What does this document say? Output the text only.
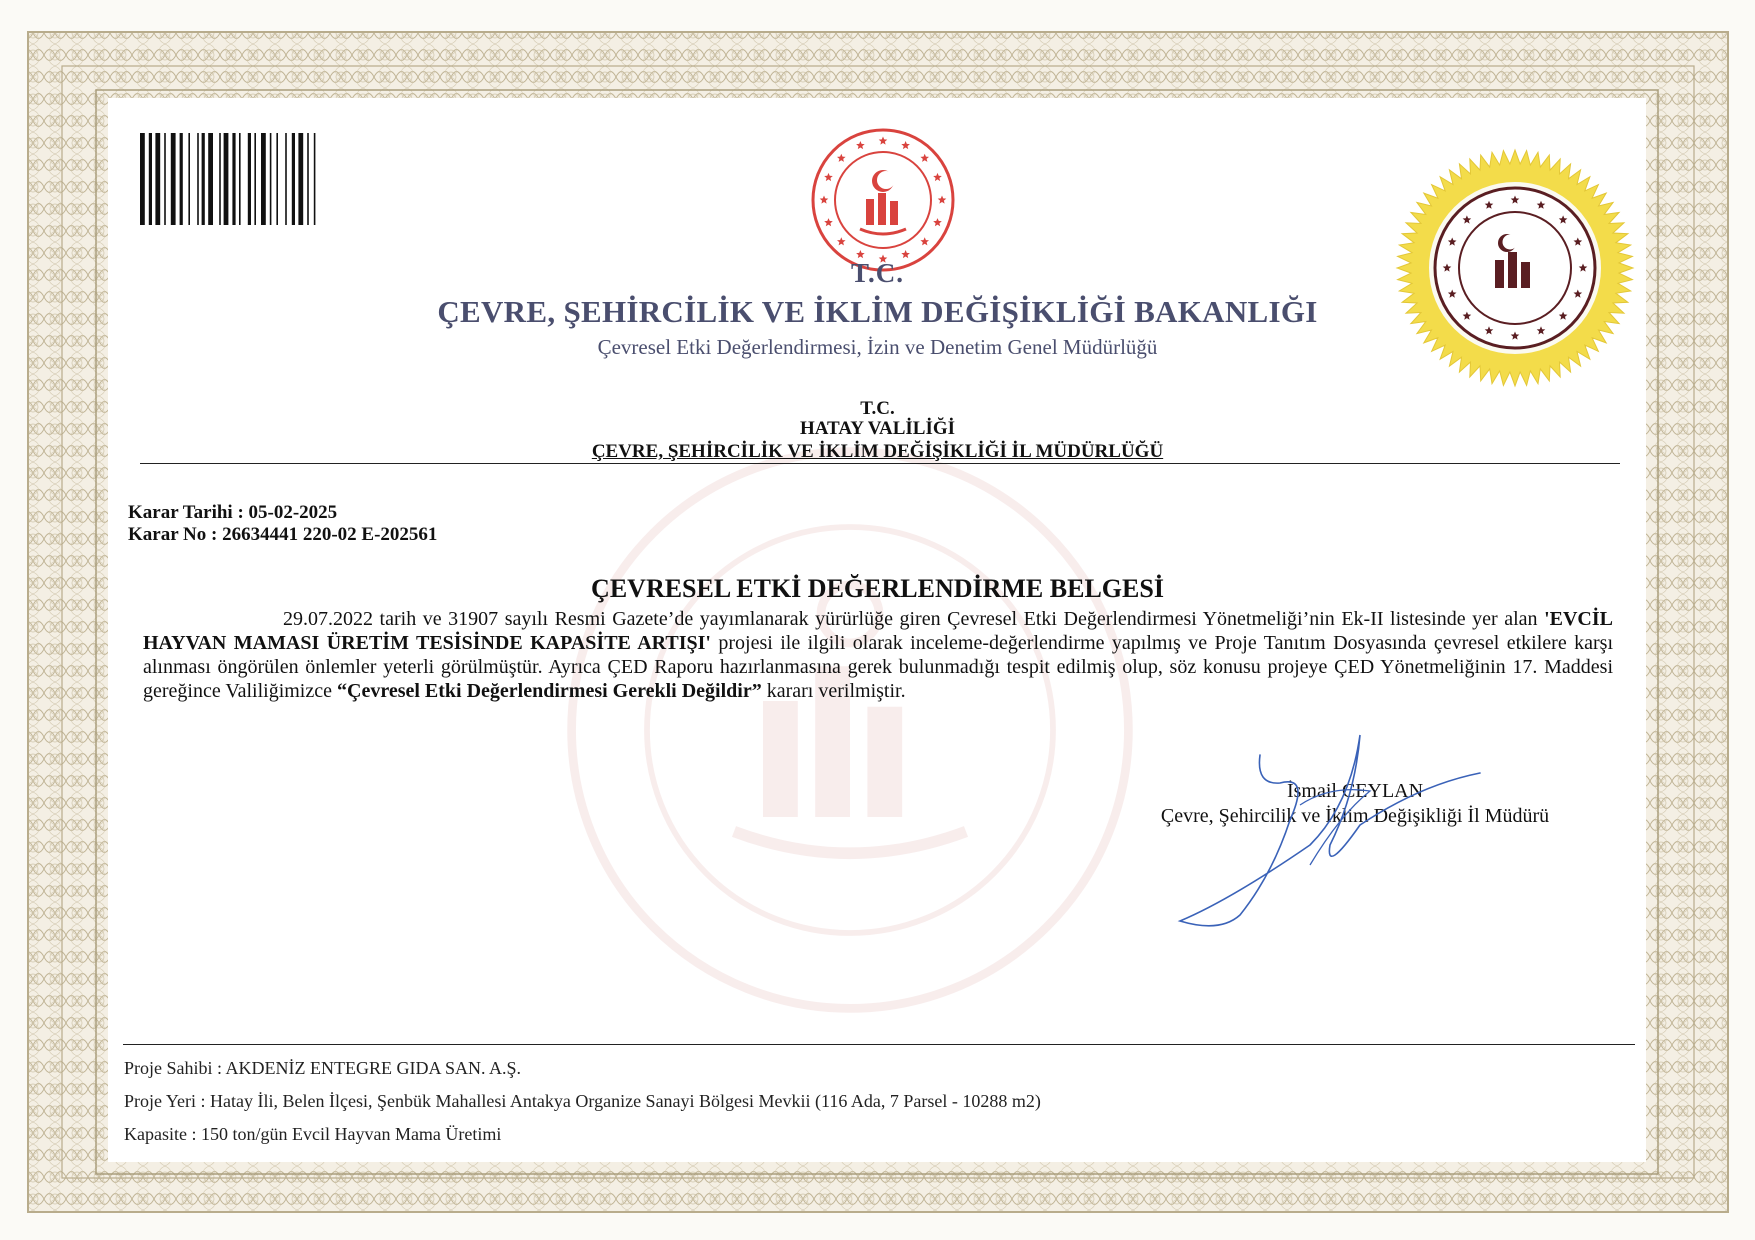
T.C.
ÇEVRE, ŞEHİRCİLİK VE İKLİM DEĞİŞİKLİĞİ BAKANLIĞI
Çevresel Etki Değerlendirmesi, İzin ve Denetim Genel Müdürlüğü
T.C.
HATAY VALİLİĞİ
ÇEVRE, ŞEHİRCİLİK VE İKLİM DEĞİŞİKLİĞİ İL MÜDÜRLÜĞÜ
Karar Tarihi : 05-02-2025
Karar No : 26634441 220-02 E-202561
ÇEVRESEL ETKİ DEĞERLENDİRME BELGESİ
29.07.2022 tarih ve 31907 sayılı Resmi Gazete’de yayımlanarak yürürlüğe giren Çevresel Etki Değerlendirmesi Yönetmeliği’nin Ek-II listesinde yer alan 'EVCİL HAYVAN MAMASI ÜRETİM TESİSİNDE KAPASİTE ARTIŞI' projesi ile ilgili olarak inceleme-değerlendirme yapılmış ve Proje Tanıtım Dosyasında çevresel etkilere karşı alınması öngörülen önlemler yeterli görülmüştür. Ayrıca ÇED Raporu hazırlanmasına gerek bulunmadığı tespit edilmiş olup, söz konusu projeye ÇED Yönetmeliğinin 17. Maddesi gereğince Valiliğimizce “Çevresel Etki Değerlendirmesi Gerekli Değildir” kararı verilmiştir.
İsmail CEYLAN
Çevre, Şehircilik ve İklim Değişikliği İl Müdürü
Proje Sahibi : AKDENİZ ENTEGRE GIDA SAN. A.Ş.
Proje Yeri : Hatay İli, Belen İlçesi, Şenbük Mahallesi Antakya Organize Sanayi Bölgesi Mevkii (116 Ada, 7 Parsel - 10288 m2)
Kapasite : 150 ton/gün Evcil Hayvan Mama Üretimi
